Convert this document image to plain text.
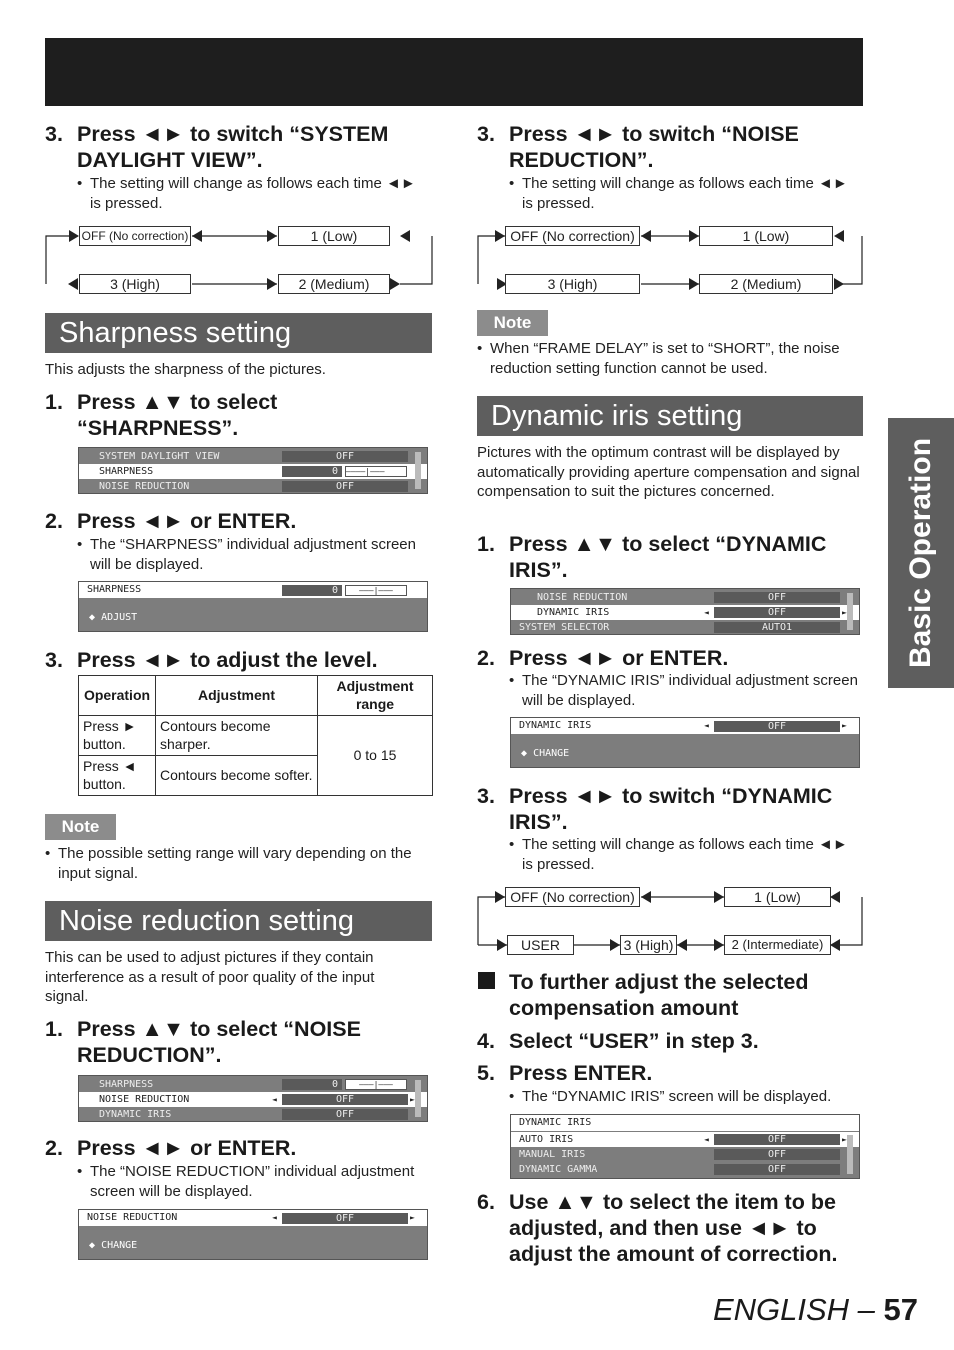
3. Press ◄► to switch “SYSTEM DAYLIGHT VIEW”.
• The setting will change as follows each time ◄► is pressed.
OFF (No correction)	1 (Low)
3 (High)	2 (Medium)
Sharpness setting
This adjusts the sharpness of the pictures.
1. Press ▲▼ to select “SHARPNESS”.
SYSTEM DAYLIGHT VIEW	OFF
SHARPNESS	0	––––|–––
NOISE REDUCTION	OFF
2. Press ◄► or ENTER.
• The “SHARPNESS” individual adjustment screen will be displayed.
SHARPNESS	0	–––|–––
◆ ADJUST
3. Press ◄► to adjust the level.
Operation	Adjustment	Adjustment range
Press ► button.	Contours become sharper.	0 to 15
Press ◄ button.	Contours become softer.	
Note
• The possible setting range will vary depending on the input signal.
Noise reduction setting
This can be used to adjust pictures if they contain interference as a result of poor quality of the input signal.
1. Press ▲▼ to select “NOISE REDUCTION”.
SHARPNESS	0	–––|–––
NOISE REDUCTION	◄	OFF	►
DYNAMIC IRIS	OFF
2. Press ◄► or ENTER.
• The “NOISE REDUCTION” individual adjustment screen will be displayed.
NOISE REDUCTION	◄	OFF	►
◆ CHANGE
3. Press ◄► to switch “NOISE REDUCTION”.
• The setting will change as follows each time ◄► is pressed.
OFF (No correction)	1 (Low)
3 (High)	2 (Medium)
Note
• When “FRAME DELAY” is set to “SHORT”, the noise reduction setting function cannot be used.
Dynamic iris setting
Pictures with the optimum contrast will be displayed by automatically providing aperture compensation and signal compensation to suit the pictures concerned.
1. Press ▲▼ to select “DYNAMIC IRIS”.
NOISE REDUCTION	OFF
DYNAMIC IRIS	◄	OFF	►
SYSTEM SELECTOR	AUTO1
2. Press ◄► or ENTER.
• The “DYNAMIC IRIS” individual adjustment screen will be displayed.
DYNAMIC IRIS	◄	OFF	►
◆ CHANGE
3. Press ◄► to switch “DYNAMIC IRIS”.
• The setting will change as follows each time ◄► is pressed.
OFF (No correction)	1 (Low)
USER	3 (High)	2 (Intermediate)
To further adjust the selected compensation amount
4. Select “USER” in step 3.
5. Press ENTER.
• The “DYNAMIC IRIS” screen will be displayed.
DYNAMIC IRIS
AUTO IRIS	◄	OFF	►
MANUAL IRIS	OFF
DYNAMIC GAMMA	OFF
6. Use ▲▼ to select the item to be adjusted, and then use ◄► to adjust the amount of correction.
Basic Operation
ENGLISH – 57
